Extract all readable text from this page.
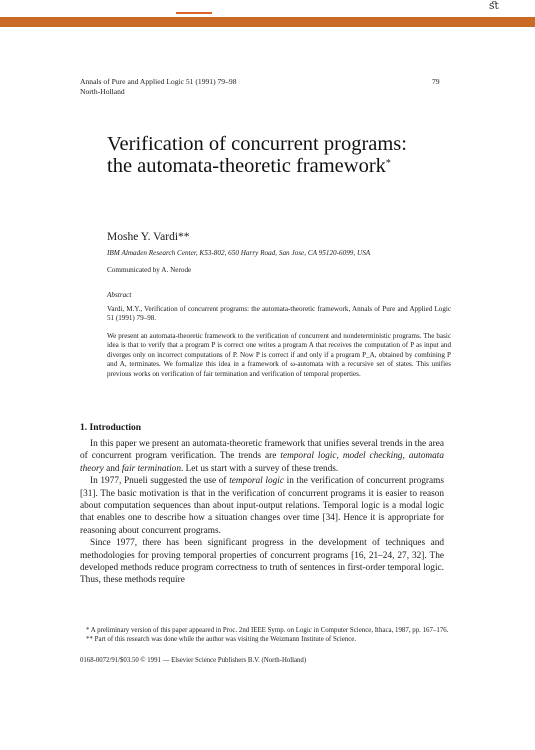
ﬆ
Annals of Pure and Applied Logic 51 (1991) 79–98
North-Holland
79
Verification of concurrent programs: the automata-theoretic framework*
Moshe Y. Vardi**
IBM Almaden Research Center, K53-802, 650 Harry Road, San Jose, CA 95120-6099, USA
Communicated by A. Nerode
Abstract
Vardi, M.Y., Verification of concurrent programs: the automata-theoretic framework, Annals of Pure and Applied Logic 51 (1991) 79–98.
We present an automata-theoretic framework to the verification of concurrent and nondeterministic programs. The basic idea is that to verify that a program P is correct one writes a program A that receives the computation of P as input and diverges only on incorrect computations of P. Now P is correct if and only if a program P_A, obtained by combining P and A, terminates. We formalize this idea in a framework of ω-automata with a recursive set of states. This unifies previous works on verification of fair termination and verification of temporal properties.
1. Introduction

In this paper we present an automata-theoretic framework that unifies several trends in the area of concurrent program verification. The trends are temporal logic, model checking, automata theory and fair termination. Let us start with a survey of these trends.

In 1977, Pnueli suggested the use of temporal logic in the verification of concurrent programs [31]. The basic motivation is that in the verification of concurrent programs it is easier to reason about computation sequences than about input-output relations. Temporal logic is a modal logic that enables one to describe how a situation changes over time [34]. Hence it is appropriate for reasoning about concurrent programs.

Since 1977, there has been significant progress in the development of techniques and methodologies for proving temporal properties of concurrent programs [16, 21–24, 27, 32]. The developed methods reduce program correctness to truth of sentences in first-order temporal logic. Thus, these methods require

* A preliminary version of this paper appeared in Proc. 2nd IEEE Symp. on Logic in Computer Science, Ithaca, 1987, pp. 167–176.
** Part of this research was done while the author was visiting the Weizmann Institute of Science.
0168-0072/91/$03.50 © 1991 — Elsevier Science Publishers B.V. (North-Holland)
